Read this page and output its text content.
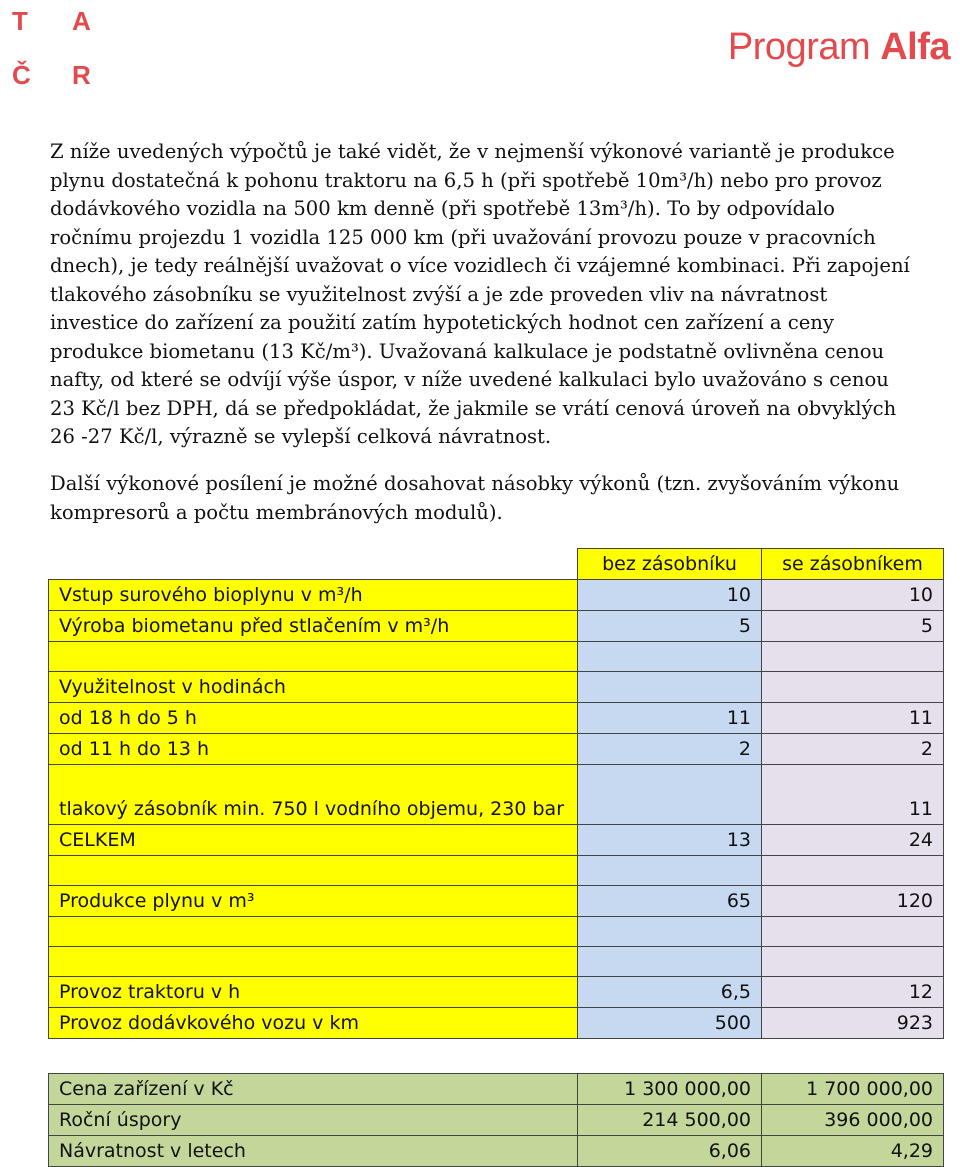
T A
Č R
Program Alfa

Z níže uvedených výpočtů je také vidět, že v nejmenší výkonové variantě je produkce plynu dostatečná k pohonu traktoru na 6,5 h (při spotřebě 10m³/h) nebo pro provoz dodávkového vozidla na 500 km denně (při spotřebě 13m³/h). To by odpovídalo ročnímu projezdu 1 vozidla 125 000 km (při uvažování provozu pouze v pracovních dnech), je tedy reálnější uvažovat o více vozidlech či vzájemné kombinaci. Při zapojení tlakového zásobníku se využitelnost zvýší a je zde proveden vliv na návratnost investice do zařízení za použití zatím hypotetických hodnot cen zařízení a ceny produkce biometanu (13 Kč/m³). Uvažovaná kalkulace je podstatně ovlivněna cenou nafty, od které se odvíjí výše úspor, v níže uvedené kalkulaci bylo uvažováno s cenou 23 Kč/l bez DPH, dá se předpokládat, že jakmile se vrátí cenová úroveň na obvyklých 26 -27 Kč/l, výrazně se vylepší celková návratnost.

Další výkonové posílení je možné dosahovat násobky výkonů (tzn. zvyšováním výkonu kompresorů a počtu membránových modulů).

	bez zásobníku	se zásobníkem
Vstup surového bioplynu v m³/h	10	10
Výroba biometanu před stlačením v m³/h	5	5

Využitelnost v hodinách		
od 18 h do 5 h	11	11
od 11 h do 13 h	2	2
tlakový zásobník min. 750 l vodního objemu, 230 bar		11
CELKEM	13	24

Produkce plynu v m³	65	120

Provoz traktoru v h	6,5	12
Provoz dodávkového vozu v km	500	923
Cena zařízení v Kč	1 300 000,00	1 700 000,00
Roční úspory	214 500,00	396 000,00
Návratnost v letech	6,06	4,29
